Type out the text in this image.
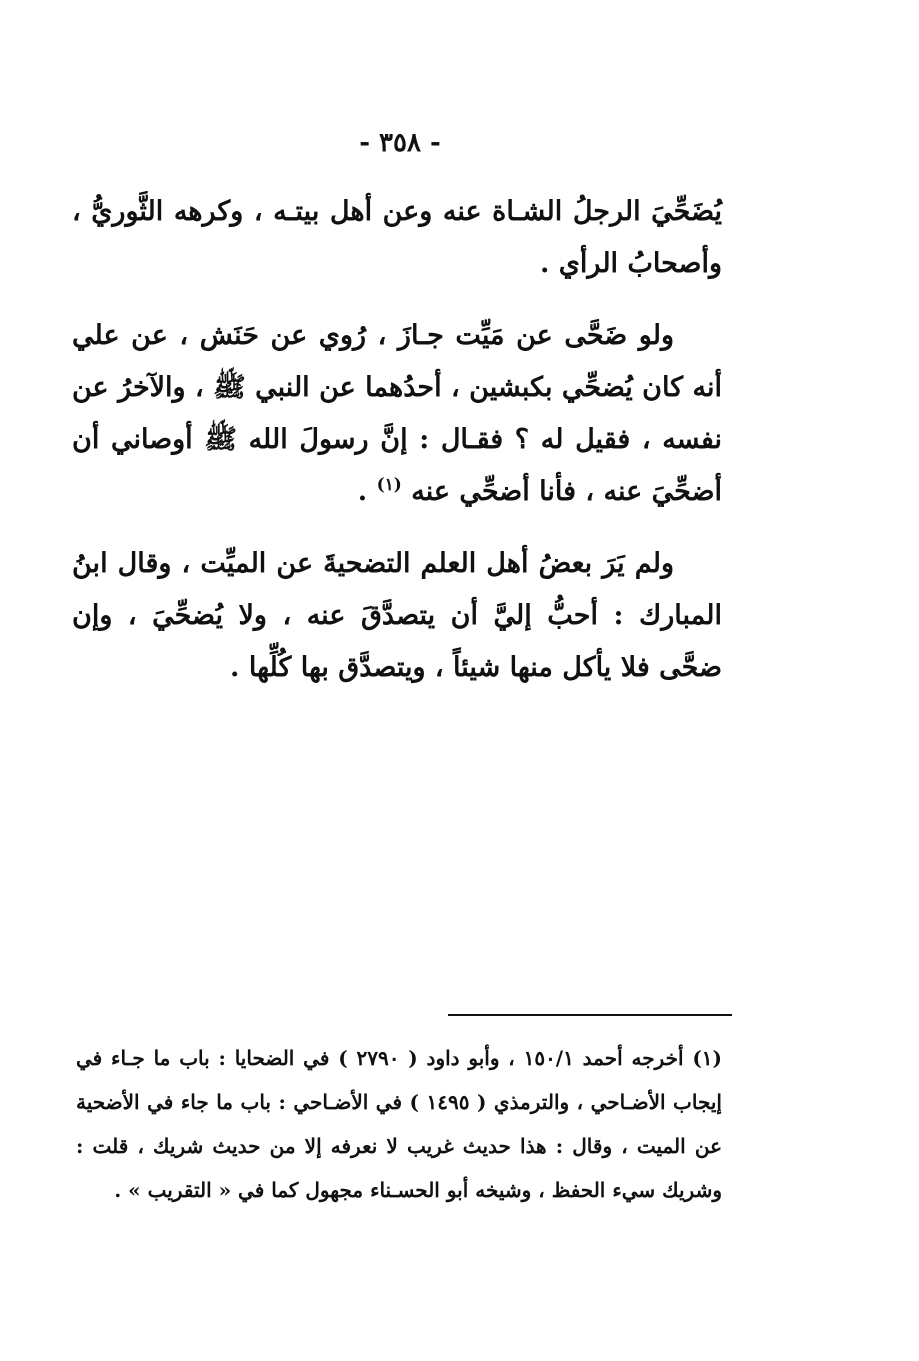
- ٣٥٨ -

يُضَحِّيَ الرجلُ الشـاة عنه وعن أهل بيتـه ، وكرهه الثَّوريُّ ، وأصحابُ الرأي .

ولو ضَحَّى عن مَيِّت جـازَ ، رُوي عن حَنَش ، عن علي أنه كان يُضحِّي بكبشين ، أحدُهما عن النبي ﷺ ، والآخرُ عن نفسه ، فقيل له ؟ فقـال : إنَّ رسولَ الله ﷺ أوصاني أن أضحِّيَ عنه ، فأنا أضحِّي عنه $^{(١)}$ .

ولم يَرَ بعضُ أهل العلم التضحيةَ عن الميِّت ، وقال ابنُ المبارك : أحبُّ إليَّ أن يتصدَّقَ عنه ، ولا يُضحِّيَ ، وإن ضحَّى فلا يأكل منها شيئاً ، ويتصدَّق بها كُلِّها .

(١) أخرجه أحمد ١٥٠/١ ، وأبو داود ( ٢٧٩٠ ) في الضحايا : باب ما جـاء في إيجاب الأضـاحي ، والترمذي ( ١٤٩٥ ) في الأضـاحي : باب ما جاء في الأضحية عن الميت ، وقال : هذا حديث غريب لا نعرفه إلا من حديث شريك ، قلت : وشريك سيء الحفظ ، وشيخه أبو الحسـناء مجهول كما في « التقريب » .
